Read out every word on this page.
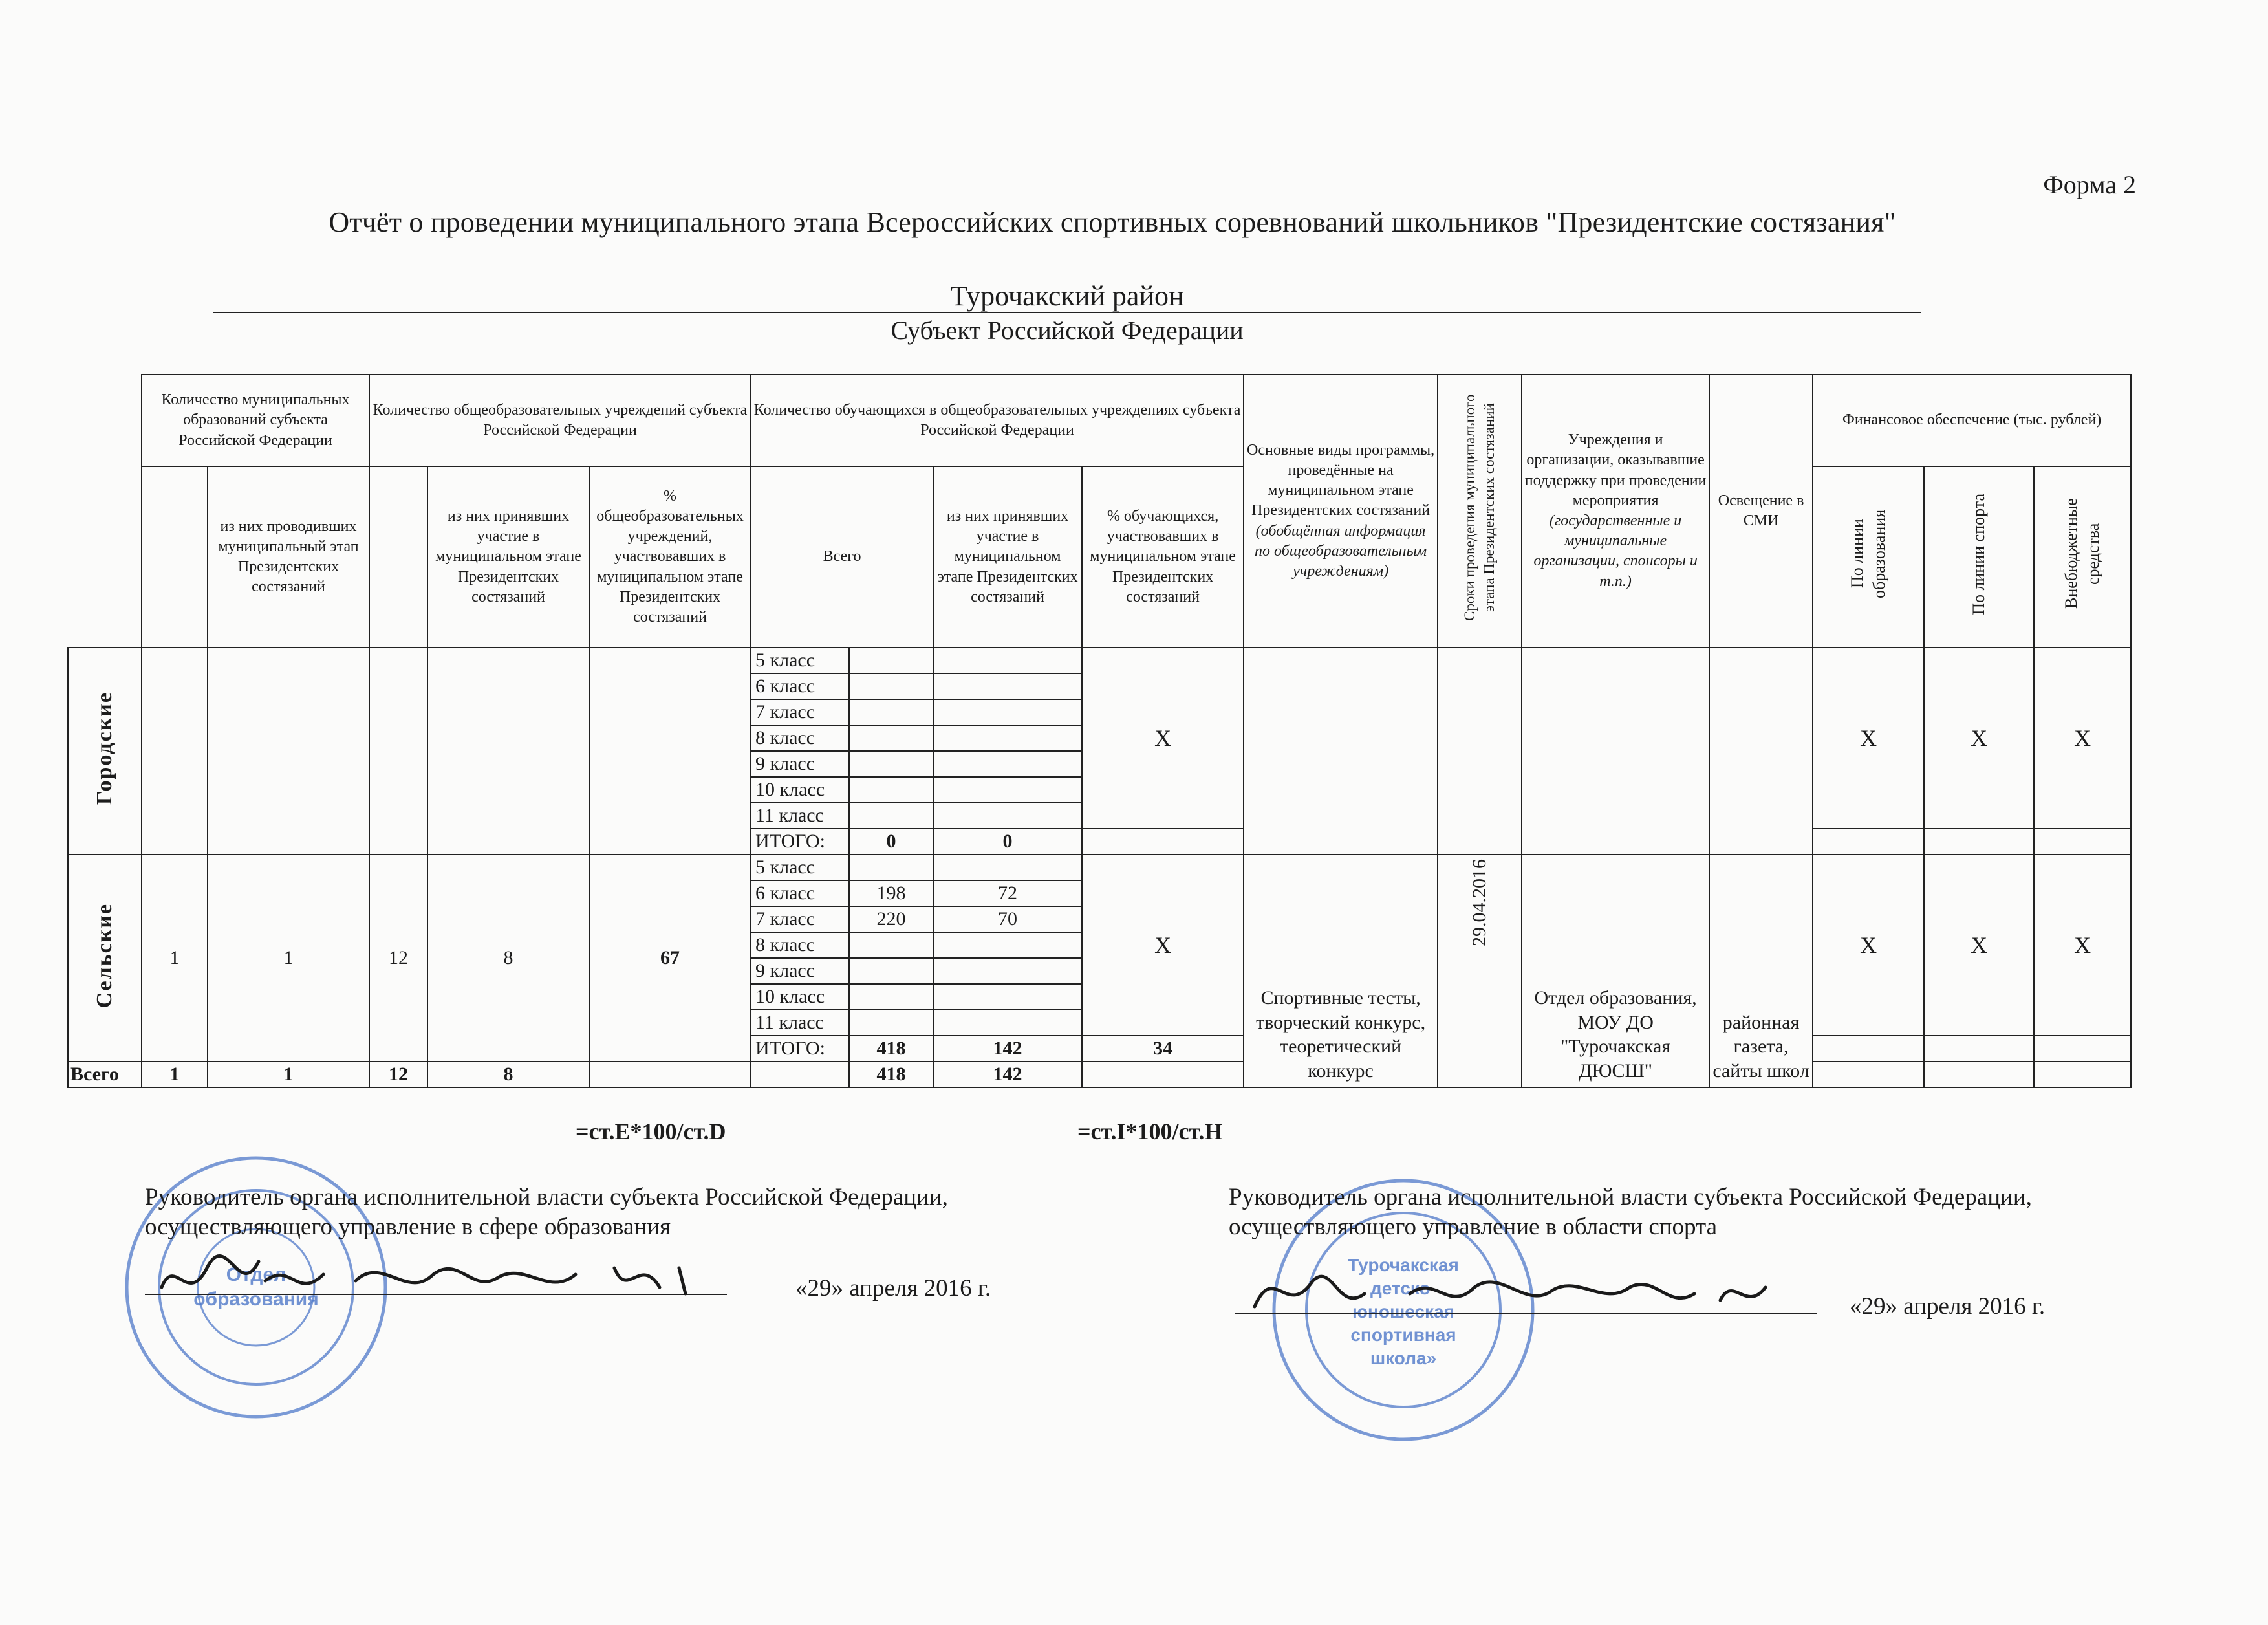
Форма 2
Отчёт о проведении муниципального этапа Всероссийских спортивных соревнований школьников "Президентские состязания"
Турочакский район
Субъект Российской Федерации
	Количество муниципальных образований субъекта Российской Федерации		Количество общеобразовательных учреждений субъекта Российской Федерации			Количество обучающихся в общеобразовательных учреждениях субъекта Российской Федерации				Основные виды программы, проведённые на муниципальном этапе Президентских состязаний (обобщённая информация по общеобразовательным учреждениям)	Сроки проведения муниципального этапа Президентских состязаний	Учреждения и организации, оказывавшие поддержку при проведении мероприятия (государственные и муниципальные организации, спонсоры и т.п.)	Освещение в СМИ	Финансовое обеспечение (тыс. рублей)		
		из них проводивших муниципальный этап Президентских состязаний		из них принявших участие в муниципальном этапе Президентских состязаний	% общеобразовательных учреждений, участвовавших в муниципальном этапе Президентских состязаний	Всего		из них принявших участие в муниципальном этапе Президентских состязаний	% обучающихся, участвовавших в муниципальном этапе Президентских состязаний					По линии образования	По линии спорта	Внебюджетные средства
Городские						5 класс			Х					Х	Х	Х
						6 класс										
						7 класс										
						8 класс										
						9 класс										
						10 класс										
						11 класс										
						ИТОГО:	0	0								
Сельские	1	1	12	8	67	5 класс			Х	Спортивные тесты, творческий конкурс, теоретический конкурс	29.04.2016	Отдел образования, МОУ ДО "Турочакская ДЮСШ"	районная газета, сайты школ	Х	Х	Х
						6 класс	198	72								
						7 класс	220	70								
						8 класс										
						9 класс										
						10 класс										
						11 класс										
						ИТОГО:	418	142	34							
Всего	1	1	12	8			418	142								
=ст.Е*100/ст.D	=ст.I*100/ст.H
Отдел образования
Турочакская детско-юношеская спортивная школа»
Руководитель органа исполнительной власти субъекта Российской Федерации, осуществляющего управление в сфере образования
«29» апреля 2016 г.
Руководитель органа исполнительной власти субъекта Российской Федерации, осуществляющего управление в области спорта
«29» апреля 2016 г.
